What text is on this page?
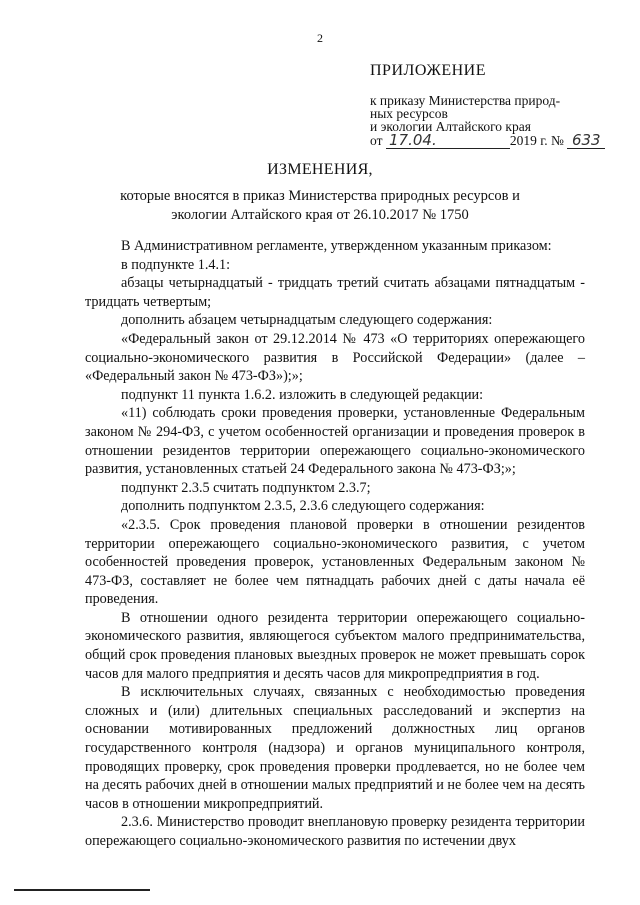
2
ПРИЛОЖЕНИЕ
к приказу Министерства природ-
ных ресурсов
и экологии Алтайского края
от 17.04.	2019 г. № 633
ИЗМЕНЕНИЯ,
которые вносятся в приказ Министерства природных ресурсов и экологии Алтайского края от 26.10.2017 № 1750
В Административном регламенте, утвержденном указанным приказом:
в подпункте 1.4.1:
абзацы четырнадцатый - тридцать третий считать абзацами пятнадцатым - тридцать четвертым;
дополнить абзацем четырнадцатым следующего содержания:
«Федеральный закон от 29.12.2014 № 473 «О территориях опережающего социально-экономического развития в Российской Федерации» (далее – «Федеральный закон № 473-ФЗ»);»;
подпункт 11 пункта 1.6.2. изложить в следующей редакции:
«11) соблюдать сроки проведения проверки, установленные Федеральным законом № 294-ФЗ, с учетом особенностей организации и проведения проверок в отношении резидентов территории опережающего социально-экономического развития, установленных статьей 24 Федерального закона № 473-ФЗ;»;
подпункт 2.3.5 считать подпунктом 2.3.7;
дополнить подпунктом 2.3.5, 2.3.6 следующего содержания:
«2.3.5. Срок проведения плановой проверки в отношении резидентов территории опережающего социально-экономического развития, с учетом особенностей проведения проверок, установленных Федеральным законом № 473-ФЗ, составляет не более чем пятнадцать рабочих дней с даты начала её проведения.
В отношении одного резидента территории опережающего социально-экономического развития, являющегося субъектом малого предпринимательства, общий срок проведения плановых выездных проверок не может превышать сорок часов для малого предприятия и десять часов для микропредприятия в год.
В исключительных случаях, связанных с необходимостью проведения сложных и (или) длительных специальных расследований и экспертиз на основании мотивированных предложений должностных лиц органов государственного контроля (надзора) и органов муниципального контроля, проводящих проверку, срок проведения проверки продлевается, но не более чем на десять рабочих дней в отношении малых предприятий и не более чем на десять часов в отношении микропредприятий.
2.3.6. Министерство проводит внеплановую проверку резидента территории опережающего социально-экономического развития по истечении двух
